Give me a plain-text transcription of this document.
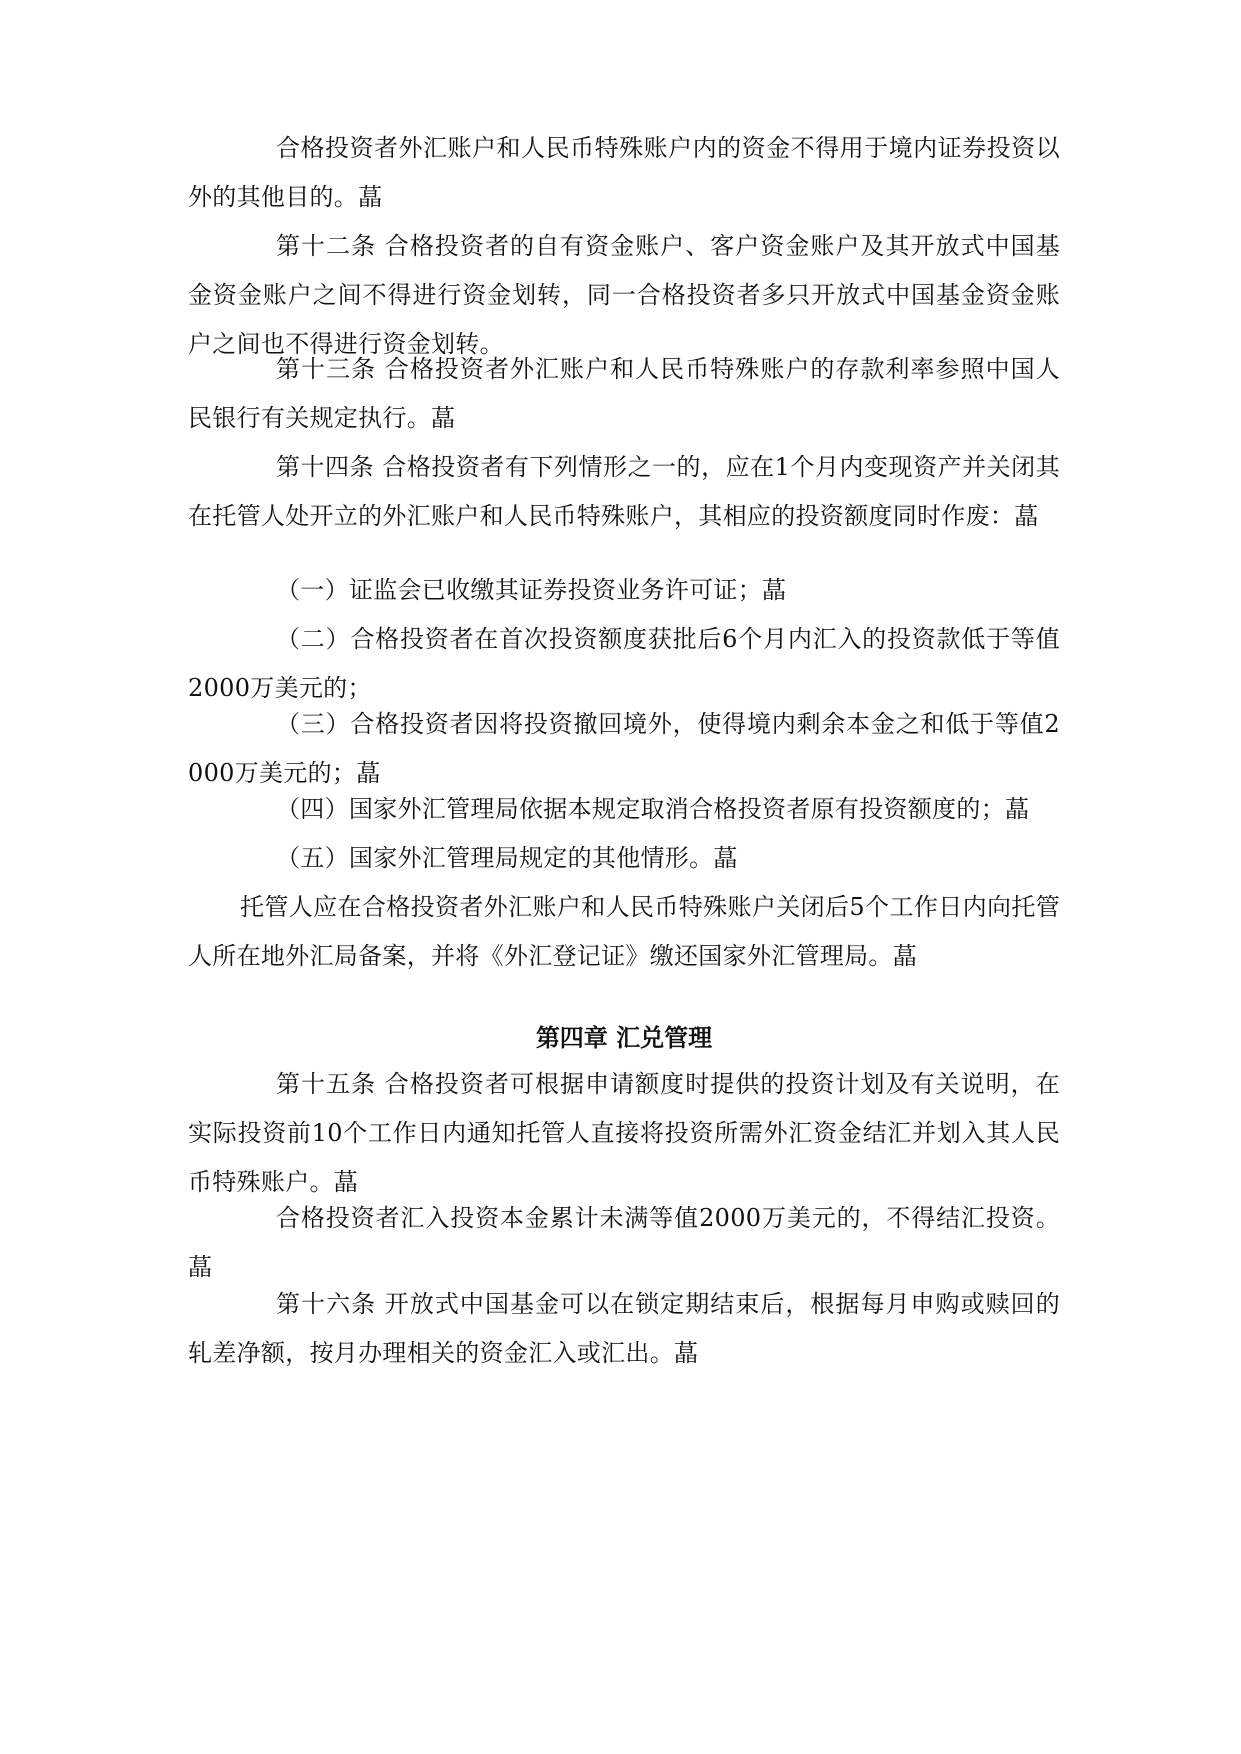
合格投资者外汇账户和人民币特殊账户内的资金不得用于境内证券投资以外的其他目的。蕌

第十二条 合格投资者的自有资金账户、客户资金账户及其开放式中国基金资金账户之间不得进行资金划转，同一合格投资者多只开放式中国基金资金账户之间也不得进行资金划转。

第十三条 合格投资者外汇账户和人民币特殊账户的存款利率参照中国人民银行有关规定执行。蕌

第十四条 合格投资者有下列情形之一的，应在1个月内变现资产并关闭其在托管人处开立的外汇账户和人民币特殊账户，其相应的投资额度同时作废：蕌

（一）证监会已收缴其证券投资业务许可证；蕌

（二）合格投资者在首次投资额度获批后6个月内汇入的投资款低于等值2000万美元的；

（三）合格投资者因将投资撤回境外，使得境内剩余本金之和低于等值2000万美元的；蕌

（四）国家外汇管理局依据本规定取消合格投资者原有投资额度的；蕌

（五）国家外汇管理局规定的其他情形。蕌

托管人应在合格投资者外汇账户和人民币特殊账户关闭后5个工作日内向托管人所在地外汇局备案，并将《外汇登记证》缴还国家外汇管理局。蕌

第四章 汇兑管理

第十五条 合格投资者可根据申请额度时提供的投资计划及有关说明，在实际投资前10个工作日内通知托管人直接将投资所需外汇资金结汇并划入其人民币特殊账户。蕌

合格投资者汇入投资本金累计未满等值2000万美元的，不得结汇投资。蕌

第十六条 开放式中国基金可以在锁定期结束后，根据每月申购或赎回的轧差净额，按月办理相关的资金汇入或汇出。蕌
